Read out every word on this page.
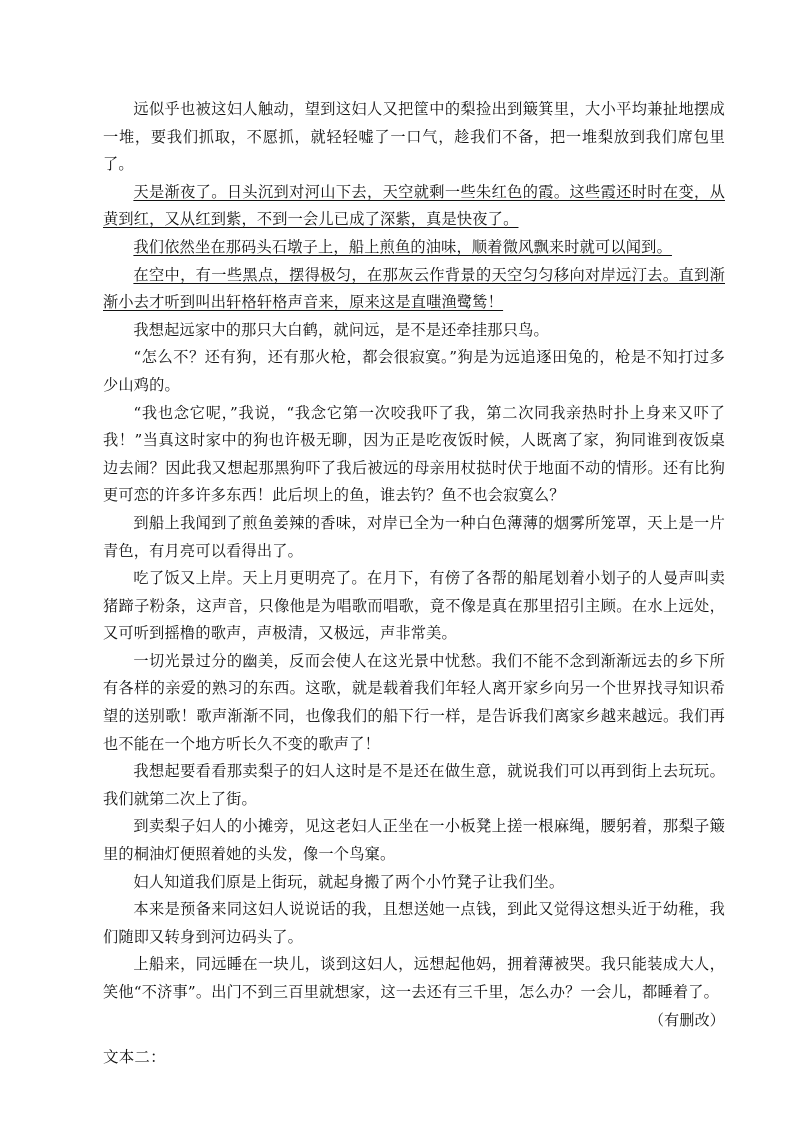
远似乎也被这妇人触动，望到这妇人又把筐中的梨捡出到簸箕里，大小平均兼扯地摆成一堆，要我们抓取，不愿抓，就轻轻嘘了一口气，趁我们不备，把一堆梨放到我们席包里了。

天是渐夜了。日头沉到对河山下去，天空就剩一些朱红色的霞。这些霞还时时在变，从黄到红，又从红到紫，不到一会儿已成了深紫，真是快夜了。

我们依然坐在那码头石墩子上，船上煎鱼的油味，顺着微风飘来时就可以闻到。

在空中，有一些黑点，摆得极匀，在那灰云作背景的天空匀匀移向对岸远汀去。直到渐渐小去才听到叫出轩格轩格声音来，原来这是直嗤渔鹭鸶！

我想起远家中的那只大白鹤，就问远，是不是还牵挂那只鸟。

“怎么不？还有狗，还有那火枪，都会很寂寞。”狗是为远追逐田兔的，枪是不知打过多少山鸡的。

“我也念它呢，”我说，“我念它第一次咬我吓了我，第二次同我亲热时扑上身来又吓了我！”当真这时家中的狗也许极无聊，因为正是吃夜饭时候，人既离了家，狗同谁到夜饭桌边去闹？因此我又想起那黑狗吓了我后被远的母亲用杖挞时伏于地面不动的情形。还有比狗更可恋的许多许多东西！此后坝上的鱼，谁去钓？鱼不也会寂寞么？

到船上我闻到了煎鱼姜辣的香味，对岸已全为一种白色薄薄的烟雾所笼罩，天上是一片青色，有月亮可以看得出了。

吃了饭又上岸。天上月更明亮了。在月下，有傍了各帮的船尾划着小划子的人曼声叫卖猪蹄子粉条，这声音，只像他是为唱歌而唱歌，竟不像是真在那里招引主顾。在水上远处，又可听到摇橹的歌声，声极清，又极远，声非常美。

一切光景过分的幽美，反而会使人在这光景中忧愁。我们不能不念到渐渐远去的乡下所有各样的亲爱的熟习的东西。这歌，就是载着我们年轻人离开家乡向另一个世界找寻知识希望的送别歌！歌声渐渐不同，也像我们的船下行一样，是告诉我们离家乡越来越远。我们再也不能在一个地方听长久不变的歌声了！

我想起要看看那卖梨子的妇人这时是不是还在做生意，就说我们可以再到街上去玩玩。我们就第二次上了街。

到卖梨子妇人的小摊旁，见这老妇人正坐在一小板凳上搓一根麻绳，腰躬着，那梨子簸里的桐油灯便照着她的头发，像一个鸟窠。

妇人知道我们原是上街玩，就起身搬了两个小竹凳子让我们坐。

本来是预备来同这妇人说说话的我，且想送她一点钱，到此又觉得这想头近于幼稚，我们随即又转身到河边码头了。

上船来，同远睡在一块儿，谈到这妇人，远想起他妈，拥着薄被哭。我只能装成大人，笑他“不济事”。出门不到三百里就想家，这一去还有三千里，怎么办？一会儿，都睡着了。

（有删改）
文本二：
